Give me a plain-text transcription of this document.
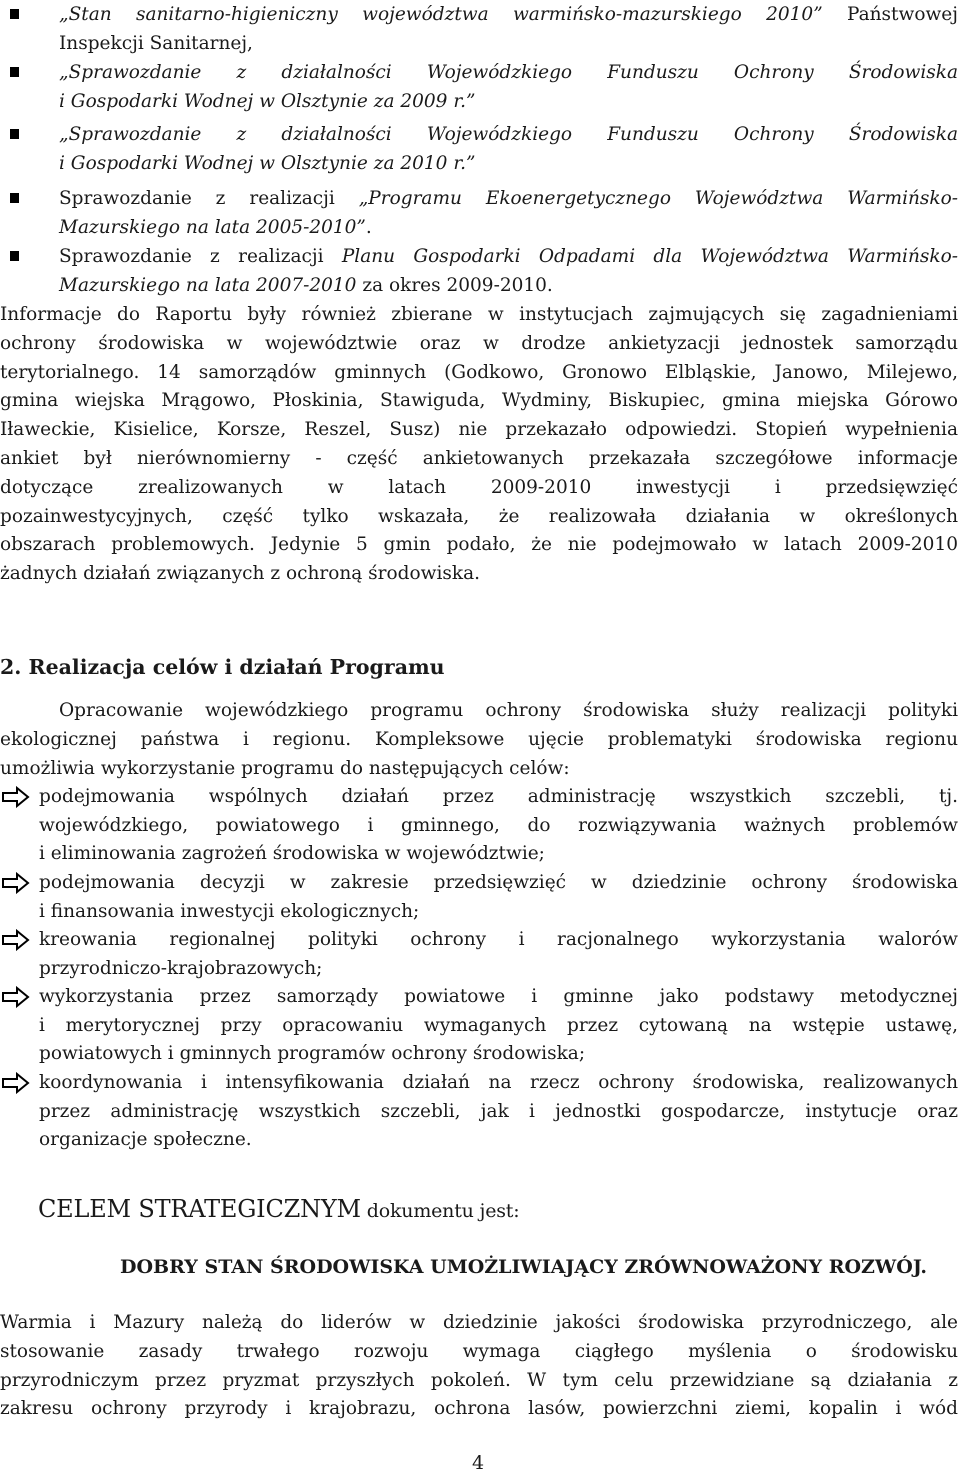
„Stan sanitarno-higieniczny województwa warmińsko-mazurskiego 2010” Państwowej
Inspekcji Sanitarnej,
„Sprawozdanie z działalności Wojewódzkiego Funduszu Ochrony Środowiska
i Gospodarki Wodnej w Olsztynie za 2009 r.”
„Sprawozdanie z działalności Wojewódzkiego Funduszu Ochrony Środowiska
i Gospodarki Wodnej w Olsztynie za 2010 r.”
Sprawozdanie z realizacji „Programu Ekoenergetycznego Województwa Warmińsko-
Mazurskiego na lata 2005-2010”.
Sprawozdanie z realizacji Planu Gospodarki Odpadami dla Województwa Warmińsko-
Mazurskiego na lata 2007-2010 za okres 2009-2010.
Informacje do Raportu były również zbierane w instytucjach zajmujących się zagadnieniami
ochrony środowiska w województwie oraz w drodze ankietyzacji jednostek samorządu
terytorialnego. 14 samorządów gminnych (Godkowo, Gronowo Elbląskie, Janowo, Milejewo,
gmina wiejska Mrągowo, Płoskinia, Stawiguda, Wydminy, Biskupiec, gmina miejska Górowo
Iławeckie, Kisielice, Korsze, Reszel, Susz) nie przekazało odpowiedzi. Stopień wypełnienia
ankiet był nierównomierny - część ankietowanych przekazała szczegółowe informacje
dotyczące zrealizowanych w latach 2009-2010 inwestycji i przedsięwzięć
pozainwestycyjnych, część tylko wskazała, że realizowała działania w określonych
obszarach problemowych. Jedynie 5 gmin podało, że nie podejmowało w latach 2009-2010
żadnych działań związanych z ochroną środowiska.
2. Realizacja celów i działań Programu
Opracowanie wojewódzkiego programu ochrony środowiska służy realizacji polityki
ekologicznej państwa i regionu. Kompleksowe ujęcie problematyki środowiska regionu
umożliwia wykorzystanie programu do następujących celów:
podejmowania wspólnych działań przez administrację wszystkich szczebli, tj.
wojewódzkiego, powiatowego i gminnego, do rozwiązywania ważnych problemów
i eliminowania zagrożeń środowiska w województwie;
podejmowania decyzji w zakresie przedsięwzięć w dziedzinie ochrony środowiska
i finansowania inwestycji ekologicznych;
kreowania regionalnej polityki ochrony i racjonalnego wykorzystania walorów
przyrodniczo-krajobrazowych;
wykorzystania przez samorządy powiatowe i gminne jako podstawy metodycznej
i merytorycznej przy opracowaniu wymaganych przez cytowaną na wstępie ustawę,
powiatowych i gminnych programów ochrony środowiska;
koordynowania i intensyfikowania działań na rzecz ochrony środowiska, realizowanych
przez administrację wszystkich szczebli, jak i jednostki gospodarcze, instytucje oraz
organizacje społeczne.
CELEM STRATEGICZNYM dokumentu jest:
DOBRY STAN ŚRODOWISKA UMOŻLIWIAJĄCY ZRÓWNOWAŻONY ROZWÓJ.
Warmia i Mazury należą do liderów w dziedzinie jakości środowiska przyrodniczego, ale
stosowanie zasady trwałego rozwoju wymaga ciągłego myślenia o środowisku
przyrodniczym przez pryzmat przyszłych pokoleń. W tym celu przewidziane są działania z
zakresu ochrony przyrody i krajobrazu, ochrona lasów, powierzchni ziemi, kopalin i wód
4
